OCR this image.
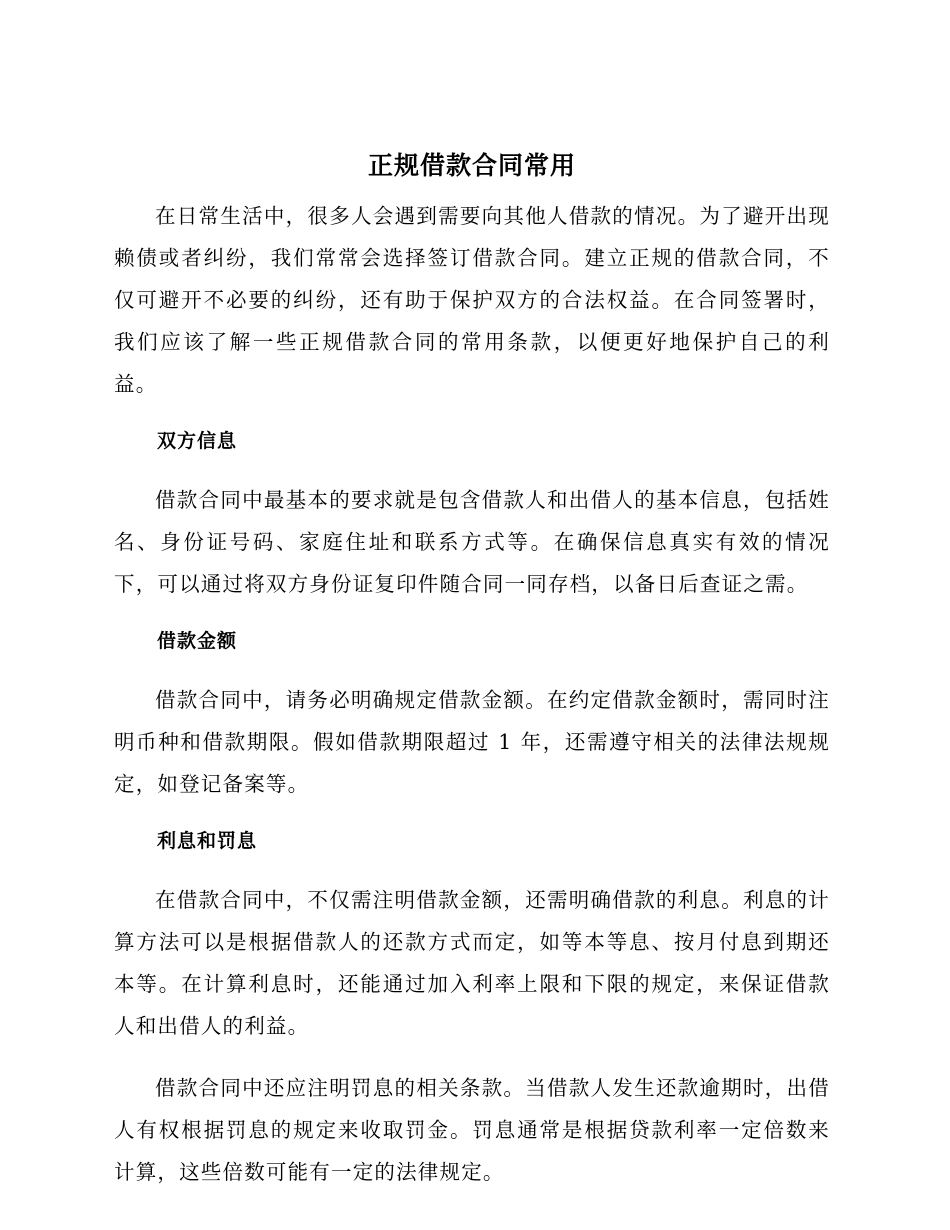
正规借款合同常用

在日常生活中，很多人会遇到需要向其他人借款的情况。为了避开出现赖债或者纠纷，我们常常会选择签订借款合同。建立正规的借款合同，不仅可避开不必要的纠纷，还有助于保护双方的合法权益。在合同签署时，我们应该了解一些正规借款合同的常用条款，以便更好地保护自己的利益。

双方信息

借款合同中最基本的要求就是包含借款人和出借人的基本信息，包括姓名、身份证号码、家庭住址和联系方式等。在确保信息真实有效的情况下，可以通过将双方身份证复印件随合同一同存档，以备日后查证之需。

借款金额

借款合同中，请务必明确规定借款金额。在约定借款金额时，需同时注明币种和借款期限。假如借款期限超过 1 年，还需遵守相关的法律法规规定，如登记备案等。

利息和罚息

在借款合同中，不仅需注明借款金额，还需明确借款的利息。利息的计算方法可以是根据借款人的还款方式而定，如等本等息、按月付息到期还本等。在计算利息时，还能通过加入利率上限和下限的规定，来保证借款人和出借人的利益。

借款合同中还应注明罚息的相关条款。当借款人发生还款逾期时，出借人有权根据罚息的规定来收取罚金。罚息通常是根据贷款利率一定倍数来计算，这些倍数可能有一定的法律规定。
